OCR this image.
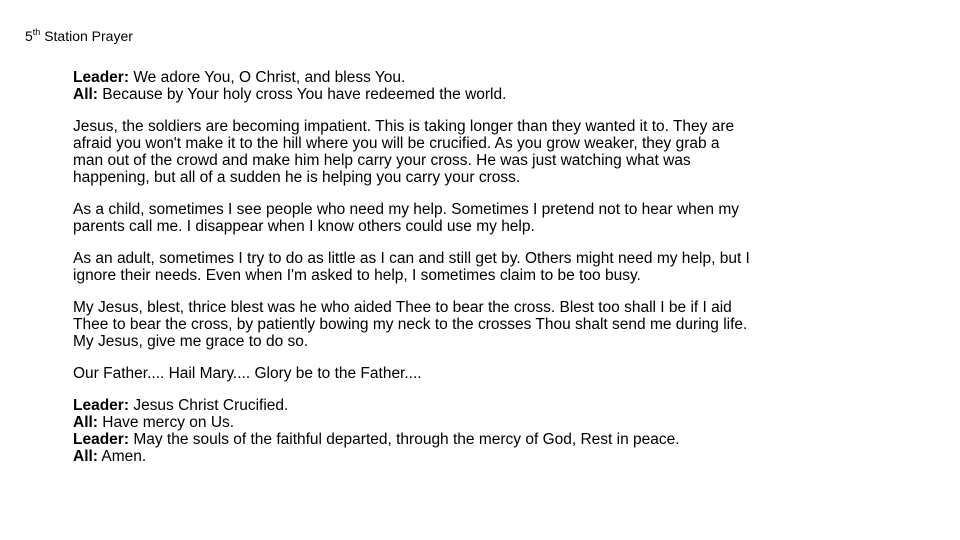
5th Station Prayer

Leader: We adore You, O Christ, and bless You.
All: Because by Your holy cross You have redeemed the world.

Jesus, the soldiers are becoming impatient. This is taking longer than they wanted it to. They are
afraid you won't make it to the hill where you will be crucified. As you grow weaker, they grab a
man out of the crowd and make him help carry your cross. He was just watching what was
happening, but all of a sudden he is helping you carry your cross.

As a child, sometimes I see people who need my help. Sometimes I pretend not to hear when my
parents call me. I disappear when I know others could use my help.

As an adult, sometimes I try to do as little as I can and still get by. Others might need my help, but I
ignore their needs. Even when I'm asked to help, I sometimes claim to be too busy.

My Jesus, blest, thrice blest was he who aided Thee to bear the cross. Blest too shall I be if I aid
Thee to bear the cross, by patiently bowing my neck to the crosses Thou shalt send me during life.
My Jesus, give me grace to do so.

Our Father.... Hail Mary.... Glory be to the Father....

Leader: Jesus Christ Crucified.
All: Have mercy on Us.
Leader: May the souls of the faithful departed, through the mercy of God, Rest in peace.
All: Amen.
